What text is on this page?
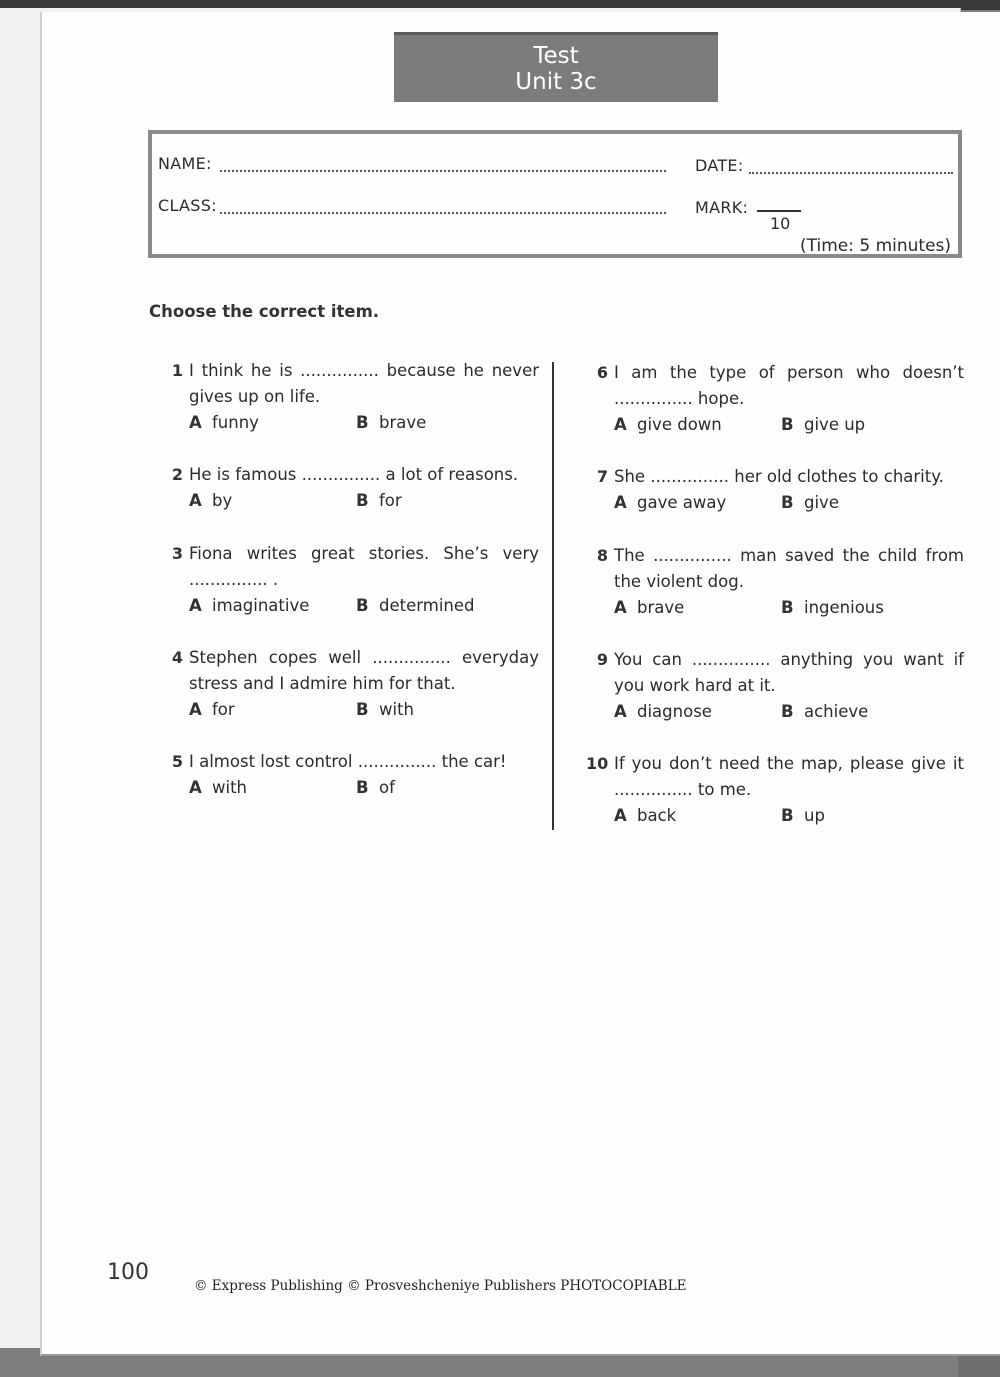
Test
Unit 3c
NAME:
CLASS:
DATE:
MARK:
10
(Time: 5 minutes)
Choose the correct item.
1 I think he is ............... because he never gives up on life.
A funny	B brave
2 He is famous ............... a lot of reasons.
A by	B for
3 Fiona writes great stories. She’s very ............... .
A imaginative	B determined
4 Stephen copes well ............... everyday stress and I admire him for that.
A for	B with
5 I almost lost control ............... the car!
A with	B of
6 I am the type of person who doesn’t ............... hope.
A give down	B give up
7 She ............... her old clothes to charity.
A gave away	B give
8 The ............... man saved the child from the violent dog.
A brave	B ingenious
9 You can ............... anything you want if you work hard at it.
A diagnose	B achieve
10 If you don’t need the map, please give it ............... to me.
A back	B up
100
© Express Publishing © Prosveshcheniye Publishers PHOTOCOPIABLE
